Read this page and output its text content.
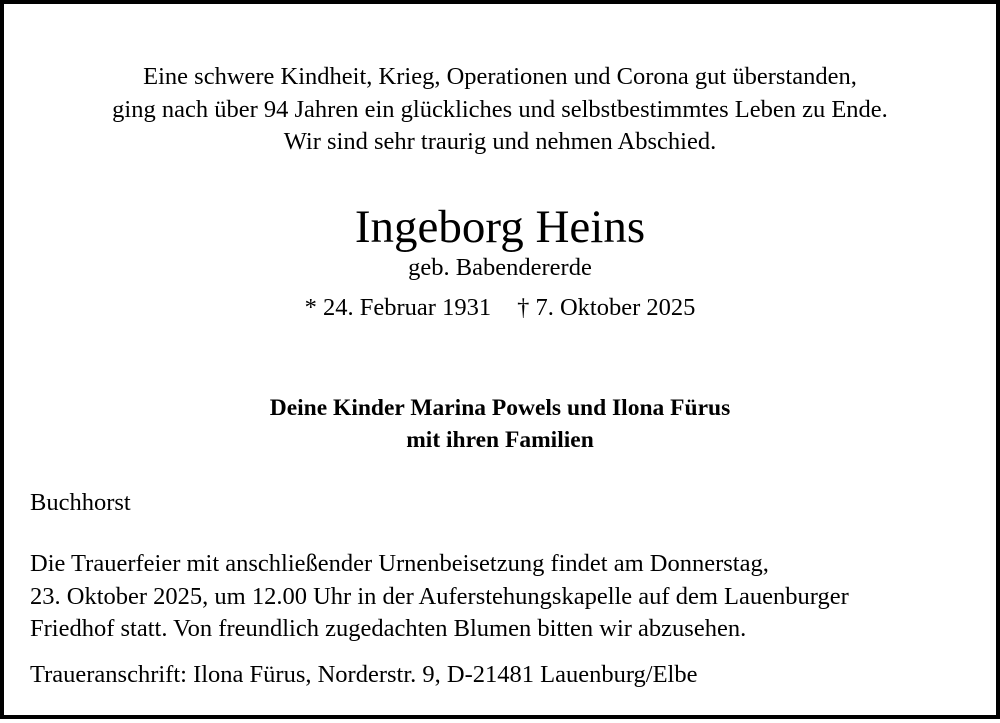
Eine schwere Kindheit, Krieg, Operationen und Corona gut überstanden,
ging nach über 94 Jahren ein glückliches und selbstbestimmtes Leben zu Ende.
Wir sind sehr traurig und nehmen Abschied.
Ingeborg Heins
geb. Babendererde
* 24. Februar 1931 † 7. Oktober 2025
Deine Kinder Marina Powels und Ilona Fürus
mit ihren Familien
Buchhorst
Die Trauerfeier mit anschließender Urnenbeisetzung findet am Donnerstag,
23. Oktober 2025, um 12.00 Uhr in der Auferstehungskapelle auf dem Lauenburger
Friedhof statt. Von freundlich zugedachten Blumen bitten wir abzusehen.
Traueranschrift: Ilona Fürus, Norderstr. 9, D-21481 Lauenburg/Elbe
